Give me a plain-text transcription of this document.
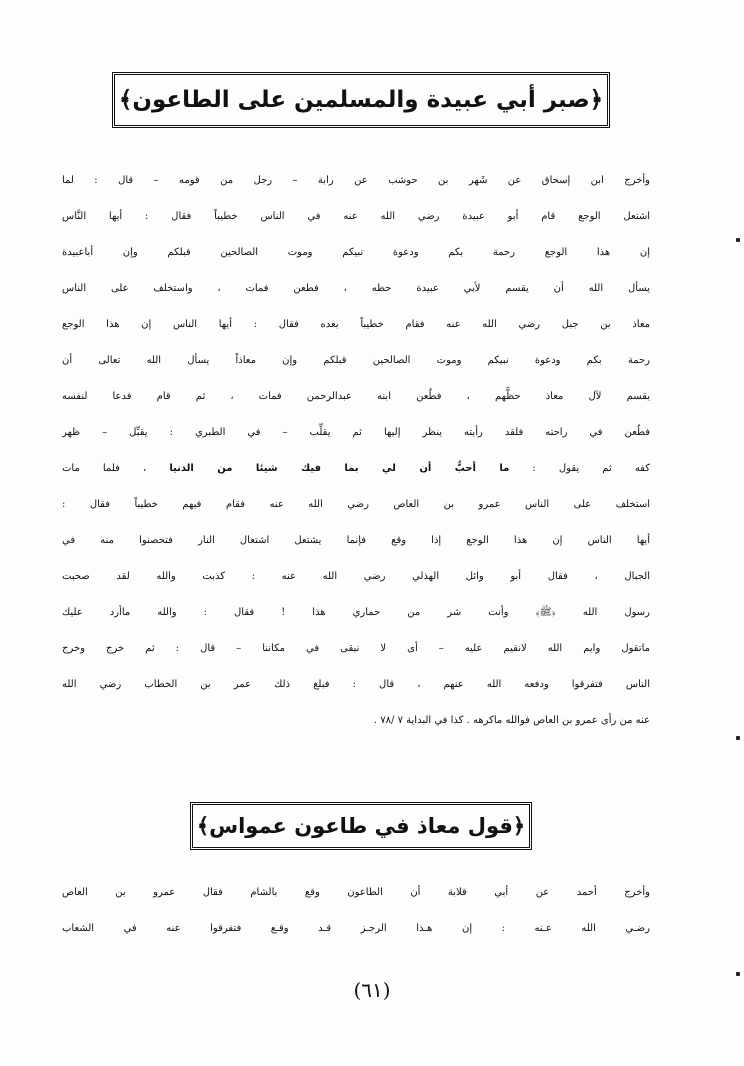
﴿صبر أبي عبيدة والمسلمين على الطاعون﴾
وأخرج ابن إسحاق عن شَهر بن حوشب عن رابة – رجل من قومه – قال : لما
اشتعل الوجع قام أبو عبيدة رضي الله عنه في الناس خطيباً فقال : أيها النَّاس
إن هذا الوجع رحمة بكم ودعوة نبيكم وموت الصالحين قبلكم وإن أباعبيدة
يسأل الله أن يقسم لأبي عبيدة حظه ، فطعن فمات ، واستخلف على الناس
معاذ بن جبل رضي الله عنه فقام خطيباً بعده فقال : أيها الناس إن هذا الوجع
رحمة بكم ودعوة نبيكم وموت الصالحين قبلكم وإن معاذاً يسأل الله تعالى أن
يقسم لآل معاذ حظَّهم ، فطُعن ابنه عبدالرحمن فمات ، ثم قام فدعا لنفسه
فطُعن في راحته فلقد رأيته ينظر إليها ثم يقلِّب – في الطبري : يقبِّل – ظهر
كفه ثم يقول : ما أحبُّ أن لي بما فيك شيئا من الدنيا ، فلما مات
استخلف على الناس عمرو بن العاص رضي الله عنه فقام فيهم خطيباً فقال :
أيها الناس إن هذا الوجع إذا وقع فإنما يشتعل اشتعال النار فتحصنوا منه في
الجبال ، فقال أبو وائل الهذلي رضي الله عنه : كذبت والله لقد صحبت
رسول الله ﴿ﷺ﴾ وأنت شر من حماري هذا ! فقال : والله ماأرد عليك
ماتقول وايم الله لانقيم عليه – أى لا نبقى في مكاننا – قال : ثم خرج وخرج
الناس فتفرقوا ودفعه الله عنهم ، قال : فبلغ ذلك عمر بن الخطاب رضي الله
عنه من رأى عمرو بن العاص فوالله ماكرهه . كذا في البداية ٧ /٧٨ .
﴿قول معاذ في طاعون عمواس﴾
وأخرج أحمد عن أبي قلابة أن الطاعون وقع بالشام فقال عمرو بن العاص
رضـي الله عـنه : إن هـذا الرجـز قـد وقـع فتفرقوا عنه في الشعاب
(٦١)
